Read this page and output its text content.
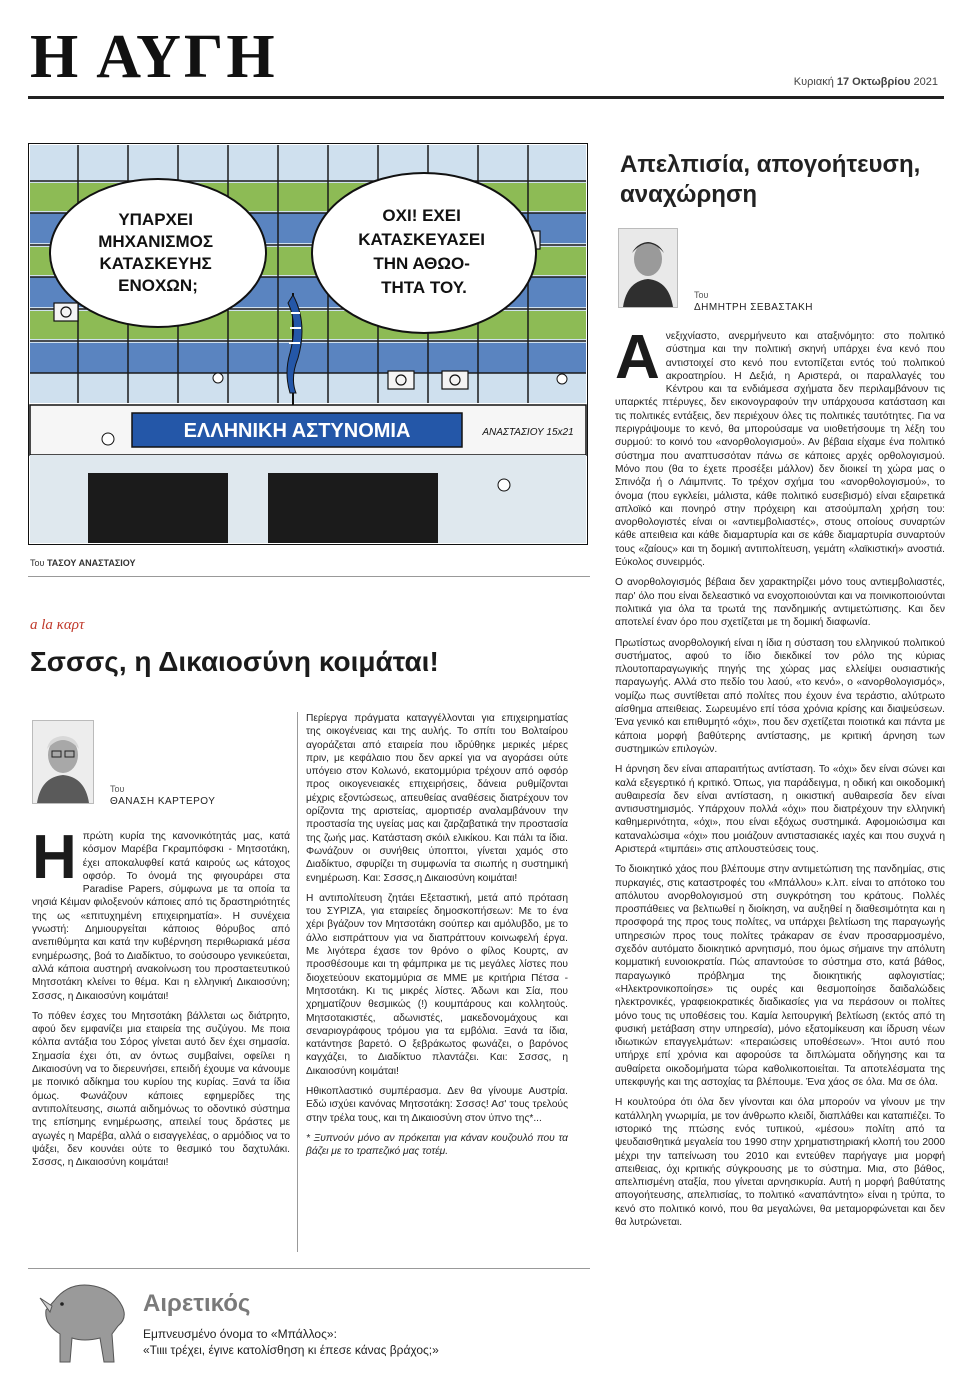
Η ΑΥΓΗ	Κυριακή 17 Οκτωβρίου 2021
ΥΠΑΡΧΕΙ ΜΗΧΑΝΙΣΜΟΣ ΚΑΤΑΣΚΕΥΗΣ ΕΝΟΧΩΝ;
ΟΧΙ! ΕΧΕΙ ΚΑΤΑΣΚΕΥΑΣΕΙ ΤΗΝ ΑΘΩΟ- ΤΗΤΑ ΤΟΥ.
ΕΛΛΗΝΙΚΗ ΑΣΤΥΝΟΜΙΑ	ΑΝΑΣΤΑΣΙΟΥ 15x21
Του ΤΑΣΟΥ ΑΝΑΣΤΑΣΙΟΥ
Απελπισία, απογοήτευση,
αναχώρηση
Του
ΔΗΜΗΤΡΗ ΣΕΒΑΣΤΑΚΗ

Ανεξιχνίαστο, ανερμήνευτο και αταξινόμητο: στο πολιτικό σύστημα και την πολιτική σκηνή υπάρχει ένα κενό που αντιστοιχεί στο κενό που εντοπίζεται εντός τού πολιτικού ακροατηρίου. Η Δεξιά, η Αριστερά, οι παραλλαγές του Κέντρου και τα ενδιάμεσα σχήματα δεν περιλαμβάνουν τις υπαρκτές πτέρυγες, δεν εικονογραφούν την υπάρχουσα κατάσταση και τις πολιτικές εντάξεις, δεν περιέχουν όλες τις πολιτικές ταυτότητες. Για να περιγράψουμε το κενό, θα μπορούσαμε να υιοθετήσουμε τη λέξη του συρμού: το κοινό του «ανορθολογισμού». Αν βέβαια είχαμε ένα πολιτικό σύστημα που αναπτυσσόταν πάνω σε κάποιες αρχές ορθολογισμού. Μόνο που (θα το έχετε προσέξει μάλλον) δεν διοικεί τη χώρα μας ο Σπινόζα ή ο Λάιμπνιτς. Το τρέχον σχήμα του «ανορθολογισμού», το όνομα (που εγκλείει, μάλιστα, κάθε πολιτικό ευσεβισμό) είναι εξαιρετικά απλοϊκό και πονηρό στην πρόχειρη και ατσούμπαλη χρήση του: ανορθολογιστές είναι οι «αντιεμβολιαστές», στους οποίους συναρτών κάθε απειθεια και κάθε διαμαρτυρία και σε κάθε διαμαρτυρία συναρτούν τους «ζαίους» και τη δομική αντιπολίτευση, γεμάτη «λαϊκιστική» ανοστιά. Εύκολος συνειρμός.

Ο ανορθολογισμός βέβαια δεν χαρακτηρίζει μόνο τους αντιεμβολιαστές, παρ' όλο που είναι δελεαστικό να ενοχοποιούνται και να ποινικοποιούνται πολιτικά για όλα τα τρωτά της πανδημικής αντιμετώπισης. Και δεν αποτελεί έναν όρο που σχετίζεται με τη δομική διαφωνία.

Πρωτίστως ανορθολογική είναι η ίδια η σύσταση του ελληνικού πολιτικού συστήματος, αφού το ίδιο διεκδικεί τον ρόλο της κύριας πλουτοπαραγωγικής πηγής της χώρας μας ελλείψει ουσιαστικής παραγωγής. Αλλά στο πεδίο του λαού, «το κενό», ο «ανορθολογισμός», νομίζω πως συντίθεται από πολίτες που έχουν ένα τεράστιο, αλύτρωτο αίσθημα απειθειας. Σωρευμένο επί τόσα χρόνια κρίσης και διαψεύσεων. Ένα γενικό και επιθυμητό «όχι», που δεν σχετίζεται ποιοτικά και πάντα με κάποια μορφή βαθύτερης αντίστασης, με κριτική άρνηση των συστημικών επιλογών.

Η άρνηση δεν είναι απαραιτήτως αντίσταση. Το «όχι» δεν είναι σώνει και καλά εξεγερτικό ή κριτικό. Όπως, για παράδειγμα, η οδική και οικοδομική αυθαιρεσία δεν είναι αντίσταση, η οικιστική αυθαιρεσία δεν είναι αντισυστημισμός. Υπάρχουν πολλά «όχι» που διατρέχουν την ελληνική καθημερινότητα, «όχι», που είναι εξόχως συστημικά. Αφομοιώσιμα και καταναλώσιμα «όχι» που μοιάζουν αντιστασιακές ιαχές και που συχνά η Αριστερά «τιμπάει» στις απλουστεύσεις τους.

Το διοικητικό χάος που βλέπουμε στην αντιμετώπιση της πανδημίας, στις πυρκαγιές, στις καταστροφές του «Μπάλλου» κ.λπ. είναι το απότοκο του απόλυτου ανορθολογισμού στη συγκρότηση του κράτους. Πολλές προσπάθειες να βελτιωθεί η διοίκηση, να αυξηθεί η διαθεσιμότητα και η προσφορά της προς τους πολίτες, να υπάρχει βελτίωση της παραγωγής υπηρεσιών προς τους πολίτες τράκαραν σε έναν προσαρμοσμένο, σχεδόν αυτόματο διοικητικό αρνητισμό, που όμως σήμαινε την απόλυτη κομματική ευνοιοκρατία. Πώς απαντούσε το σύστημα στο, κατά βάθος, παραγωγικό πρόβλημα της διοικητικής αφλογιστίας; «Ηλεκτρονικοποίησε» τις ουρές και θεσμοποίησε δαιδαλώδεις ηλεκτρονικές, γραφειοκρατικές διαδικασίες για να περάσουν οι πολίτες μόνο τους τις υποθέσεις του. Καμία λειτουργική βελτίωση (εκτός από τη φυσική μετάβαση στην υπηρεσία), μόνο εξατομίκευση και ίδρυση νέων ιδιωτικών επαγγελμάτων: «περαιώσεις υποθέσεων». Ήτοι αυτό που υπήρχε επί χρόνια και αφορούσε τα διπλώματα οδήγησης και τα αυθαίρετα οικοδομήματα τώρα καθολικοποιείται. Τα αποτελέσματα της υπεκφυγής και της αστοχίας τα βλέπουμε. Ένα χάος σε όλα. Μα σε όλα.

Η κουλτούρα ότι όλα δεν γίνονται και όλα μπορούν να γίνουν με την κατάλληλη γνωριμία, με τον άνθρωπο κλειδί, διαπλάθει και καταπιέζει. Το ιστορικό της πτώσης ενός τυπικού, «μέσου» πολίτη από τα ψευδαισθητικά μεγαλεία του 1990 στην χρηματιστηριακή κλοπή του 2000 μέχρι την ταπείνωση του 2010 και εντεύθεν παρήγαγε μια μορφή απειθειας, όχι κριτικής σύγκρουσης με το σύστημα. Μια, στο βάθος, απελπισμένη αταξία, που γίνεται αρνησικυρία. Αυτή η μορφή βαθύτατης απογοήτευσης, απελπισίας, το πολιτικό «αναπάντητο» είναι η τρύπα, το κενό στο πολιτικό κοινό, που θα μεγαλώνει, θα μεταμορφώνεται και δεν θα λυτρώνεται.

a la καρτ
Σσσσς, η Δικαιοσύνη κοιμάται!
Του
ΘΑΝΑΣΗ ΚΑΡΤΕΡΟΥ

Ηπρώτη κυρία της κανονικότητάς μας, κατά κόσμον Μαρέβα Γκραμπόφσκι - Μητσοτάκη, έχει αποκαλυφθεί κατά καιρούς ως κάτοχος οφσόρ. Το όνομά της φιγουράρει στα Paradise Papers, σύμφωνα με τα οποία τα νησιά Κέιμαν φιλοξενούν κάποιες από τις δραστηριότητές της ως «επιτυχημένη επιχειρηματία». Η συνέχεια γνωστή: Δημιουργείται κάποιος θόρυβος από ανεπιθύμητα και κατά την κυβέρνηση περιθωριακά μέσα ενημέρωσης, βοά το Διαδίκτυο, το σούσουρο γενικεύεται, αλλά κάποια αυστηρή ανακοίνωση του προσταετευτικού Μητσοτάκη κλείνει το θέμα. Και η ελληνική Δικαιοσύνη; Σσσσς, η Δικαιοσύνη κοιμάται!

Το πόθεν έσχες του Μητσοτάκη βάλλεται ως διάτρητο, αφού δεν εμφανίζει μια εταιρεία της συζύγου. Με ποια κόλπα αντάξια του Σόρος γίνεται αυτό δεν έχει σημασία. Σημασία έχει ότι, αν όντως συμβαίνει, οφείλει η Δικαιοσύνη να το διερευνήσει, επειδή έχουμε να κάνουμε με ποινικό αδίκημα του κυρίου της κυρίας. Ξανά τα ίδια όμως. Φωνάζουν κάποιες εφημερίδες της αντιπολίτευσης, σιωπά αιδημόνως το οδοντικό σύστημα της επίσημης ενημέρωσης, απειλεί τους δράστες με αγωγές η Μαρέβα, αλλά ο εισαγγελέας, ο αρμόδιος να το ψάξει, δεν κουνάει ούτε το θεσμικό του δαχτυλάκι. Σσσσς, η Δικαιοσύνη κοιμάται!

Περίεργα πράγματα καταγγέλλονται για επιχειρηματίας της οικογένειας και της αυλής. Το σπίτι του Βολταίρου αγοράζεται από εταιρεία που ιδρύθηκε μερικές μέρες πριν, με κεφάλαιο που δεν αρκεί για να αγοράσει ούτε υπόγειο στον Κολωνό, εκατομμύρια τρέχουν από οφσόρ προς οικογενειακές επιχειρήσεις, δάνεια ρυθμίζονται μέχρις εξοντώσεως, απευθείας αναθέσεις διατρέχουν τον ορίζοντα της αριστείας, αμορτισέρ αναλαμβάνουν την προστασία της υγείας μας και ζαρζαβατικά την προστασία της ζωής μας. Κατάσταση σκόιλ ελικίκου. Και πάλι τα ίδια. Φωνάζουν οι συνήθεις ύποπτοι, γίνεται χαμός στο Διαδίκτυο, σφυρίζει τη συμφωνία τα σιωπής η συστημική ενημέρωση. Και: Σσσσς,η Δικαιοσύνη κοιμάται!

Η αντιπολίτευση ζητάει Εξεταστική, μετά από πρόταση του ΣΥΡΙΖΑ, για εταιρείες δημοσκοπήσεων: Με το ένα χέρι βγάζουν τον Μητσοτάκη σούπερ και αμόλυβδο, με το άλλο εισπράττουν για να διαπράττουν κοινωφελή έργα. Με λιγότερα έχασε τον θρόνο ο φίλος Κουρτς, αν προσθέσουμε και τη φάμπρικα με τις μεγάλες λίστες που διοχετεύουν εκατομμύρια σε ΜΜΕ με κριτήρια Πέτσα - Μητσοτάκη. Κι τις μικρές λίστες. Άδωνι και Σία, που χρηματίζουν θεσμικώς (!) κουμπάρους και κολλητούς. Μητσοτακιστές, αδωνιστές, μακεδονομάχους και σεναριογράφους τρόμου για τα εμβόλια. Ξανά τα ίδια, κατάντησε βαρετό. Ο ξεβράκωτος φωνάζει, ο βαρόνος καγχάζει, το Διαδίκτυο πλαντάζει. Και: Σσσσς, η Δικαιοσύνη κοιμάται!

Ηθικοπλαστικό συμπέρασμα. Δεν θα γίνουμε Αυστρία. Εδώ ισχύει κανόνας Μητσοτάκη: Σσσσς! Ασ' τους τρελούς στην τρέλα τους, και τη Δικαιοσύνη στον ύπνο της*...

* Ξυπνούν μόνο αν πρόκειται για κάναν κουζουλό που τα βάζει με το τραπεζικό μας τοτέμ.

Αιρετικός
Εμπνευσμένο όνομα το «Μπάλλος»:
«Τιιιι τρέχει, έγινε κατολίσθηση κι έπεσε κάνας βράχος;»
